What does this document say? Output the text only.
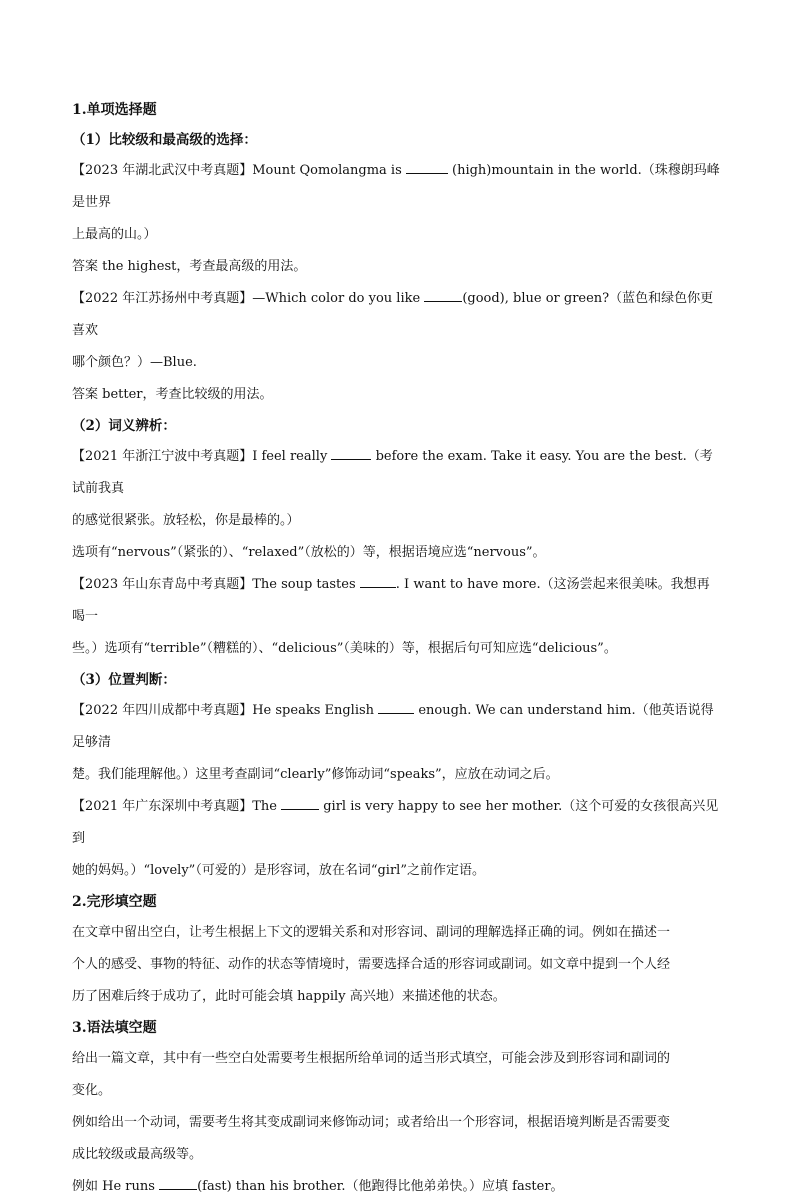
1.单项选择题
（1）比较级和最高级的选择：
【2023 年湖北武汉中考真题】Mount Qomolangma is	(high)mountain in the world.（珠穆朗玛峰是世界
上最高的山。）
答案 the highest，考查最高级的用法。
【2022 年江苏扬州中考真题】—Which color do you like	(good), blue or green?（蓝色和绿色你更喜欢
哪个颜色？）—Blue.
答案 better，考查比较级的用法。
（2）词义辨析：
【2021 年浙江宁波中考真题】I feel really	before the exam. Take it easy. You are the best.（考试前我真
的感觉很紧张。放轻松，你是最棒的。）
选项有“nervous”（紧张的）、“relaxed”（放松的）等，根据语境应选“nervous”。
【2023 年山东青岛中考真题】The soup tastes	. I want to have more.（这汤尝起来很美味。我想再喝一
些。）选项有“terrible”（糟糕的）、“delicious”（美味的）等，根据后句可知应选“delicious”。
（3）位置判断：
【2022 年四川成都中考真题】He speaks English	enough. We can understand him.（他英语说得足够清
楚。我们能理解他。）这里考查副词“clearly”修饰动词“speaks”，应放在动词之后。
【2021 年广东深圳中考真题】The	girl is very happy to see her mother.（这个可爱的女孩很高兴见到
她的妈妈。）“lovely”（可爱的）是形容词，放在名词“girl”之前作定语。
2.完形填空题
在文章中留出空白，让考生根据上下文的逻辑关系和对形容词、副词的理解选择正确的词。例如在描述一
个人的感受、事物的特征、动作的状态等情境时，需要选择合适的形容词或副词。如文章中提到一个人经
历了困难后终于成功了，此时可能会填 happily 高兴地）来描述他的状态。
3.语法填空题
给出一篇文章，其中有一些空白处需要考生根据所给单词的适当形式填空，可能会涉及到形容词和副词的
变化。
例如给出一个动词，需要考生将其变成副词来修饰动词；或者给出一个形容词，根据语境判断是否需要变
成比较级或最高级等。
例如 He runs	(fast) than his brother.（他跑得比他弟弟快。）应填 faster。
